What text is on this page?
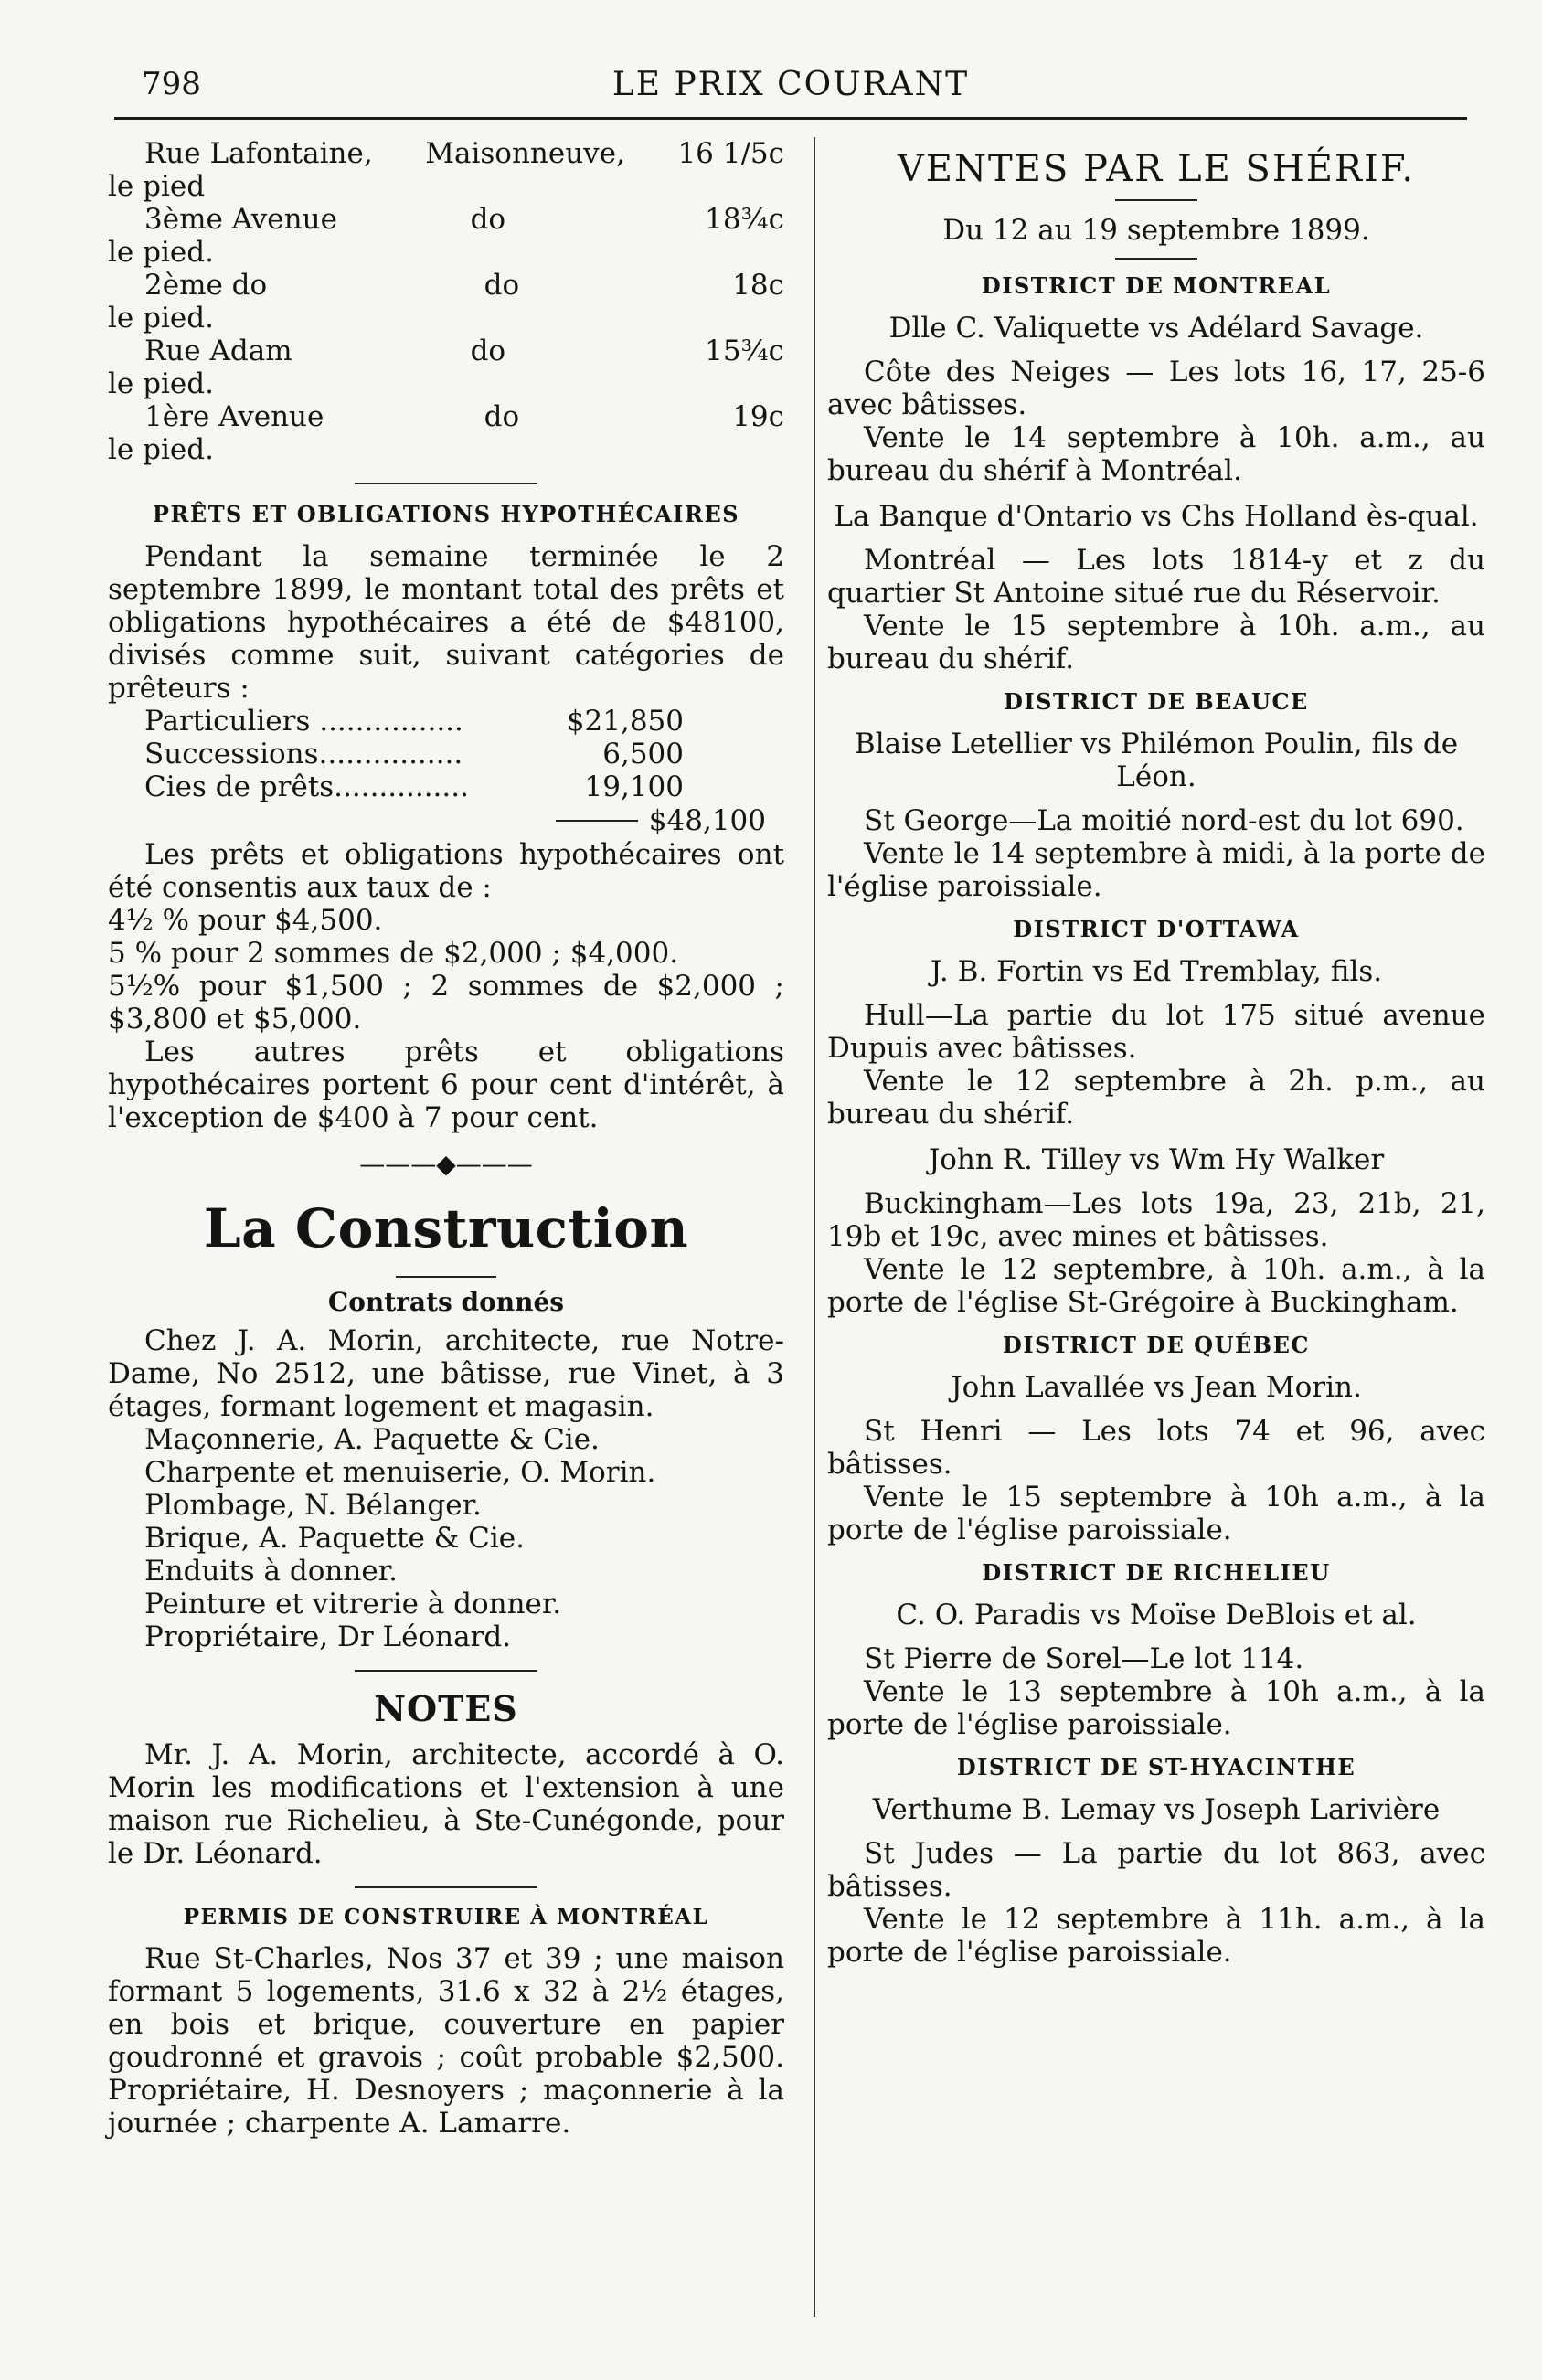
798	LE PRIX COURANT
Rue Lafontaine, Maisonneuve, 16 1/5c
le pied
3ème Avenue	do	18¾c
le pied.
2ème do	do	18c
le pied.
Rue Adam	do	15¾c
le pied.
1ère Avenue	do	19c
le pied.
PRÊTS ET OBLIGATIONS HYPOTHÉCAIRES

Pendant la semaine terminée le 2 septembre 1899, le montant total des prêts et obligations hypothécaires a été de $48100, divisés comme suit, suivant catégories de prêteurs :

Particuliers ................	$21,850
Successions................	6,500
Cies de prêts...............	19,100
$48,100

Les prêts et obligations hypothécaires ont été consentis aux taux de :

4½ % pour $4,500.

5 % pour 2 sommes de $2,000 ; $4,000.

5½% pour $1,500 ; 2 sommes de $2,000 ; $3,800 et $5,000.

Les autres prêts et obligations hypothécaires portent 6 pour cent d'intérêt, à l'exception de $400 à 7 pour cent.

———◆———
La Construction
Contrats donnés

Chez J. A. Morin, architecte, rue Notre-Dame, No 2512, une bâtisse, rue Vinet, à 3 étages, formant logement et magasin.

Maçonnerie, A. Paquette & Cie.

Charpente et menuiserie, O. Morin.

Plombage, N. Bélanger.

Brique, A. Paquette & Cie.

Enduits à donner.

Peinture et vitrerie à donner.

Propriétaire, Dr Léonard.

NOTES

Mr. J. A. Morin, architecte, accordé à O. Morin les modifications et l'extension à une maison rue Richelieu, à Ste-Cunégonde, pour le Dr. Léonard.

PERMIS DE CONSTRUIRE À MONTRÉAL

Rue St-Charles, Nos 37 et 39 ; une maison formant 5 logements, 31.6 x 32 à 2½ étages, en bois et brique, couverture en papier goudronné et gravois ; coût probable $2,500. Propriétaire, H. Desnoyers ; maçonnerie à la journée ; charpente A. Lamarre.

VENTES PAR LE SHÉRIF.
Du 12 au 19 septembre 1899.
DISTRICT DE MONTREAL
Dlle C. Valiquette vs Adélard Savage.

Côte des Neiges — Les lots 16, 17, 25-6 avec bâtisses.

Vente le 14 septembre à 10h. a.m., au bureau du shérif à Montréal.

La Banque d'Ontario vs Chs Holland ès-qual.

Montréal — Les lots 1814-y et z du quartier St Antoine situé rue du Réservoir.

Vente le 15 septembre à 10h. a.m., au bureau du shérif.

DISTRICT DE BEAUCE
Blaise Letellier vs Philémon Poulin, fils de Léon.

St George—La moitié nord-est du lot 690.

Vente le 14 septembre à midi, à la porte de l'église paroissiale.

DISTRICT D'OTTAWA
J. B. Fortin vs Ed Tremblay, fils.

Hull—La partie du lot 175 situé avenue Dupuis avec bâtisses.

Vente le 12 septembre à 2h. p.m., au bureau du shérif.

John R. Tilley vs Wm Hy Walker

Buckingham—Les lots 19a, 23, 21b, 21, 19b et 19c, avec mines et bâtisses.

Vente le 12 septembre, à 10h. a.m., à la porte de l'église St-Grégoire à Buckingham.

DISTRICT DE QUÉBEC
John Lavallée vs Jean Morin.

St Henri — Les lots 74 et 96, avec bâtisses.

Vente le 15 septembre à 10h a.m., à la porte de l'église paroissiale.

DISTRICT DE RICHELIEU
C. O. Paradis vs Moïse DeBlois et al.

St Pierre de Sorel—Le lot 114.

Vente le 13 septembre à 10h a.m., à la porte de l'église paroissiale.

DISTRICT DE ST-HYACINTHE
Verthume B. Lemay vs Joseph Larivière

St Judes — La partie du lot 863, avec bâtisses.

Vente le 12 septembre à 11h. a.m., à la porte de l'église paroissiale.
